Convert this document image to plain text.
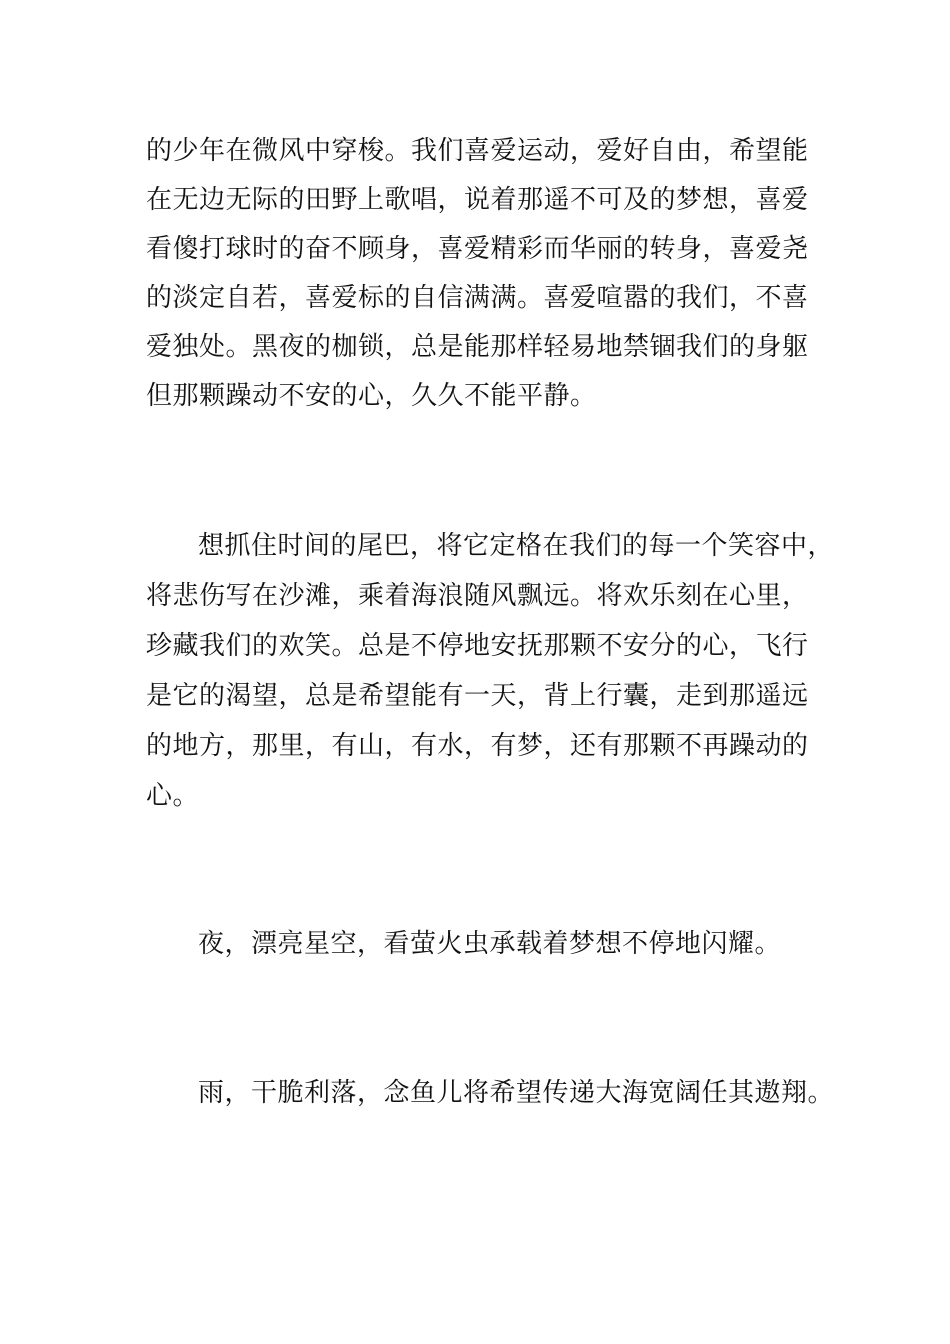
的少年在微风中穿梭。我们喜爱运动，爱好自由，希望能
在无边无际的田野上歌唱，说着那遥不可及的梦想，喜爱
看傻打球时的奋不顾身，喜爱精彩而华丽的转身，喜爱尧
的淡定自若，喜爱标的自信满满。喜爱喧嚣的我们，不喜
爱独处。黑夜的枷锁，总是能那样轻易地禁锢我们的身躯
但那颗躁动不安的心，久久不能平静。
想抓住时间的尾巴，将它定格在我们的每一个笑容中，
将悲伤写在沙滩，乘着海浪随风飘远。将欢乐刻在心里，
珍藏我们的欢笑。总是不停地安抚那颗不安分的心，飞行
是它的渴望，总是希望能有一天，背上行囊，走到那遥远
的地方，那里，有山，有水，有梦，还有那颗不再躁动的
心。
夜，漂亮星空，看萤火虫承载着梦想不停地闪耀。
雨，干脆利落，念鱼儿将希望传递大海宽阔任其遨翔。
